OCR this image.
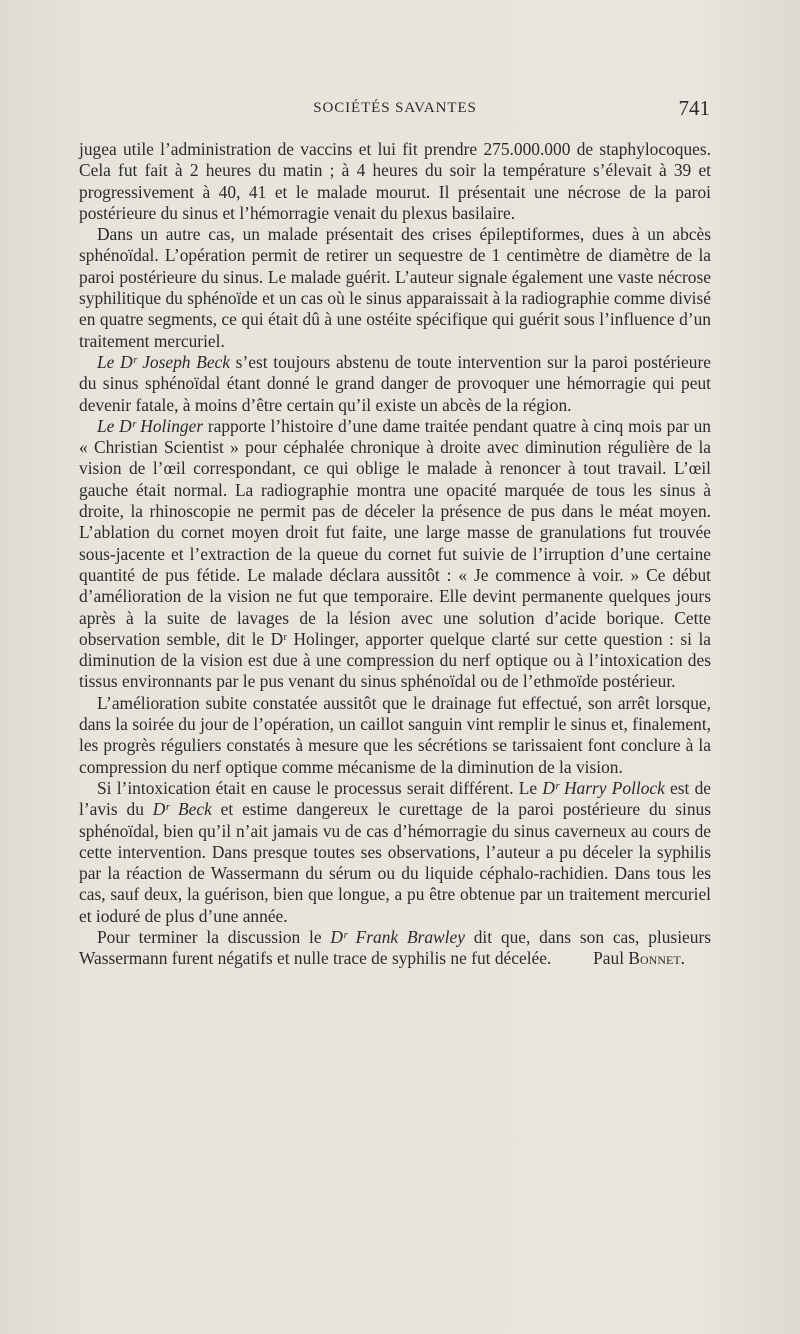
SOCIÉTÉS SAVANTES	741

jugea utile l’administration de vaccins et lui fit prendre 275.000.000 de staphylocoques. Cela fut fait à 2 heures du matin ; à 4 heures du soir la température s’élevait à 39 et progressivement à 40, 41 et le malade mourut. Il présentait une nécrose de la paroi postérieure du sinus et l’hémorragie venait du plexus basilaire.

Dans un autre cas, un malade présentait des crises épileptiformes, dues à un abcès sphénoïdal. L’opération permit de retirer un sequestre de 1 centimètre de diamètre de la paroi postérieure du sinus. Le malade guérit. L’auteur signale également une vaste nécrose syphilitique du sphénoïde et un cas où le sinus apparaissait à la radiographie comme divisé en quatre segments, ce qui était dû à une ostéite spécifique qui guérit sous l’influence d’un traitement mercuriel.

Le Dʳ Joseph Beck s’est toujours abstenu de toute intervention sur la paroi postérieure du sinus sphénoïdal étant donné le grand danger de provoquer une hémorragie qui peut devenir fatale, à moins d’être certain qu’il existe un abcès de la région.

Le Dʳ Holinger rapporte l’histoire d’une dame traitée pendant quatre à cinq mois par un « Christian Scientist » pour céphalée chronique à droite avec diminution régulière de la vision de l’œil correspondant, ce qui oblige le malade à renoncer à tout travail. L’œil gauche était normal. La radiographie montra une opacité marquée de tous les sinus à droite, la rhinoscopie ne permit pas de déceler la présence de pus dans le méat moyen. L’ablation du cornet moyen droit fut faite, une large masse de granulations fut trouvée sous-jacente et l’extraction de la queue du cornet fut suivie de l’irruption d’une certaine quantité de pus fétide. Le malade déclara aussitôt : « Je commence à voir. » Ce début d’amélioration de la vision ne fut que temporaire. Elle devint permanente quelques jours après à la suite de lavages de la lésion avec une solution d’acide borique. Cette observation semble, dit le Dʳ Holinger, apporter quelque clarté sur cette question : si la diminution de la vision est due à une compression du nerf optique ou à l’intoxication des tissus environnants par le pus venant du sinus sphénoïdal ou de l’ethmoïde postérieur.

L’amélioration subite constatée aussitôt que le drainage fut effectué, son arrêt lorsque, dans la soirée du jour de l’opération, un caillot sanguin vint remplir le sinus et, finalement, les progrès réguliers constatés à mesure que les sécrétions se tarissaient font conclure à la compression du nerf optique comme mécanisme de la diminution de la vision.

Si l’intoxication était en cause le processus serait différent. Le Dʳ Harry Pollock est de l’avis du Dʳ Beck et estime dangereux le curettage de la paroi postérieure du sinus sphénoïdal, bien qu’il n’ait jamais vu de cas d’hémorragie du sinus caverneux au cours de cette intervention. Dans presque toutes ses observations, l’auteur a pu déceler la syphilis par la réaction de Wassermann du sérum ou du liquide céphalo-rachidien. Dans tous les cas, sauf deux, la guérison, bien que longue, a pu être obtenue par un traitement mercuriel et ioduré de plus d’une année.

Pour terminer la discussion le Dʳ Frank Brawley dit que, dans son cas, plusieurs Wassermann furent négatifs et nulle trace de syphilis ne fut décelée.	Paul Bonnet.
